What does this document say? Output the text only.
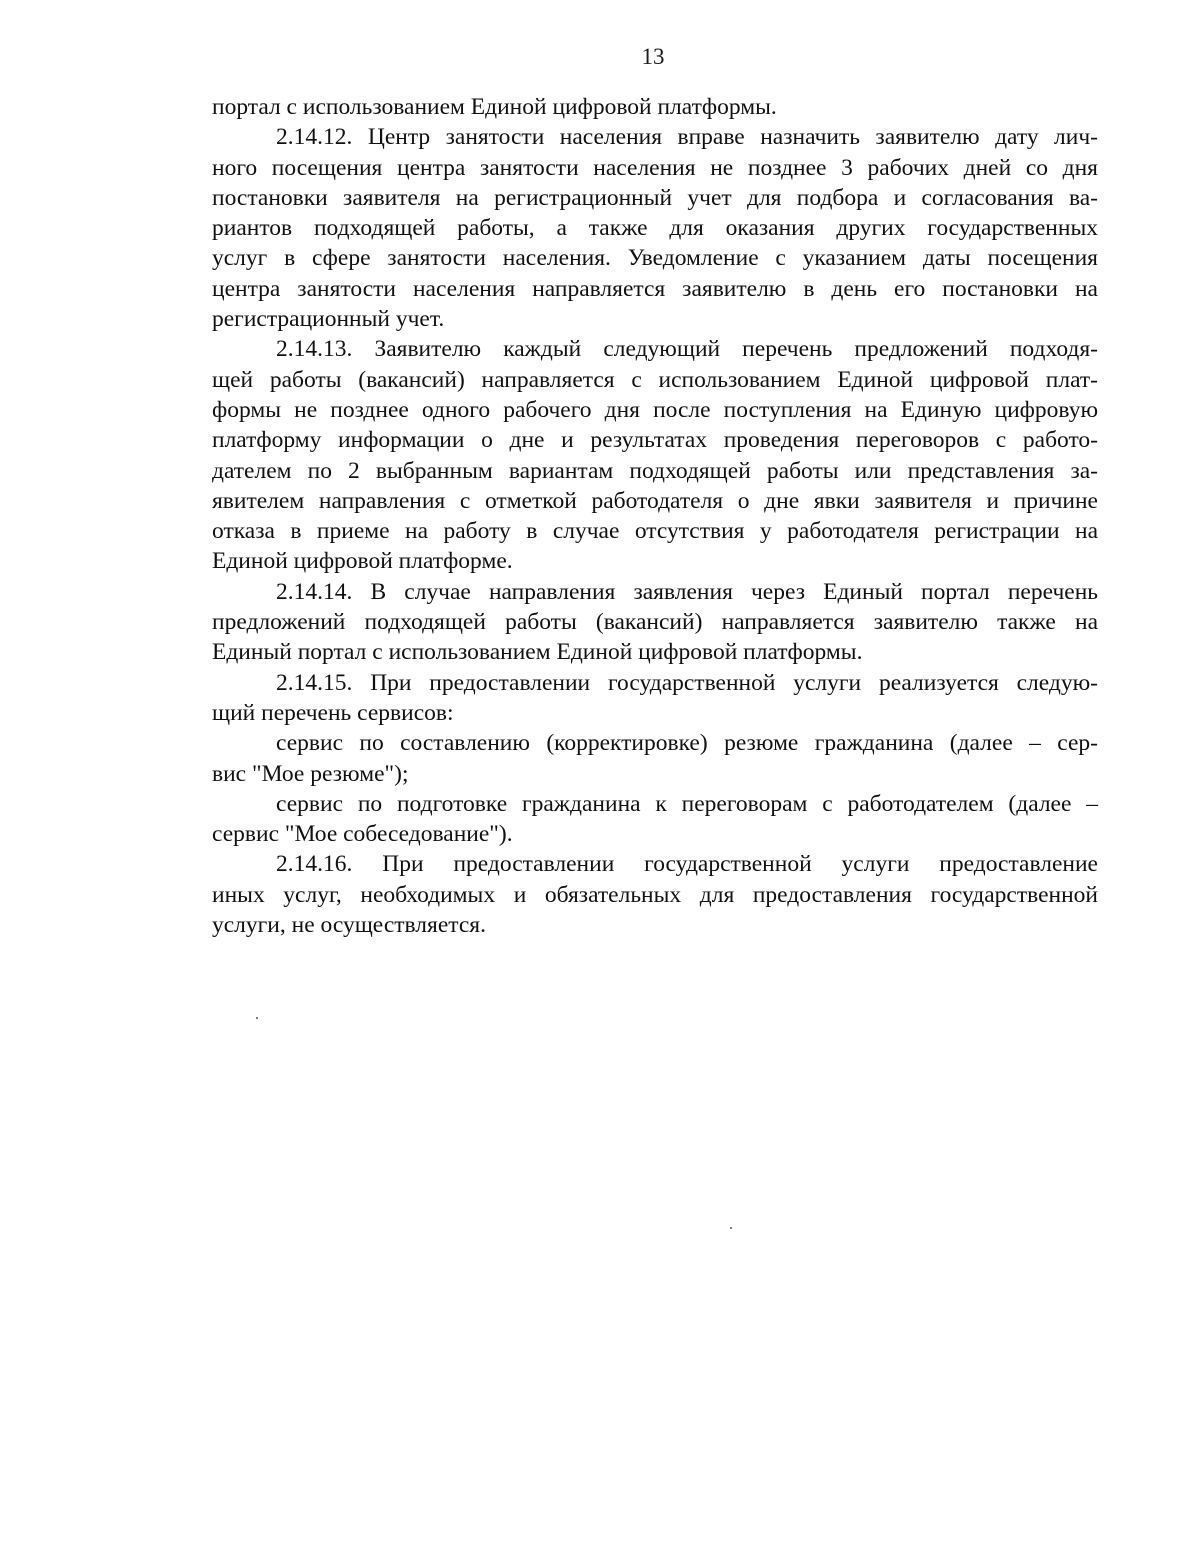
13
портал с использованием Единой цифровой платформы.
2.14.12. Центр занятости населения вправе назначить заявителю дату лич-
ного посещения центра занятости населения не позднее 3 рабочих дней со дня
постановки заявителя на регистрационный учет для подбора и согласования ва-
риантов подходящей работы, а также для оказания других государственных
услуг в сфере занятости населения. Уведомление с указанием даты посещения
центра занятости населения направляется заявителю в день его постановки на
регистрационный учет.
2.14.13. Заявителю каждый следующий перечень предложений подходя-
щей работы (вакансий) направляется с использованием Единой цифровой плат-
формы не позднее одного рабочего дня после поступления на Единую цифровую
платформу информации о дне и результатах проведения переговоров с работо-
дателем по 2 выбранным вариантам подходящей работы или представления за-
явителем направления с отметкой работодателя о дне явки заявителя и причине
отказа в приеме на работу в случае отсутствия у работодателя регистрации на
Единой цифровой платформе.
2.14.14. В случае направления заявления через Единый портал перечень
предложений подходящей работы (вакансий) направляется заявителю также на
Единый портал с использованием Единой цифровой платформы.
2.14.15. При предоставлении государственной услуги реализуется следую-
щий перечень сервисов:
сервис по составлению (корректировке) резюме гражданина (далее – сер-
вис "Мое резюме");
сервис по подготовке гражданина к переговорам с работодателем (далее –
сервис "Мое собеседование").
2.14.16. При предоставлении государственной услуги предоставление
иных услуг, необходимых и обязательных для предоставления государственной
услуги, не осуществляется.
